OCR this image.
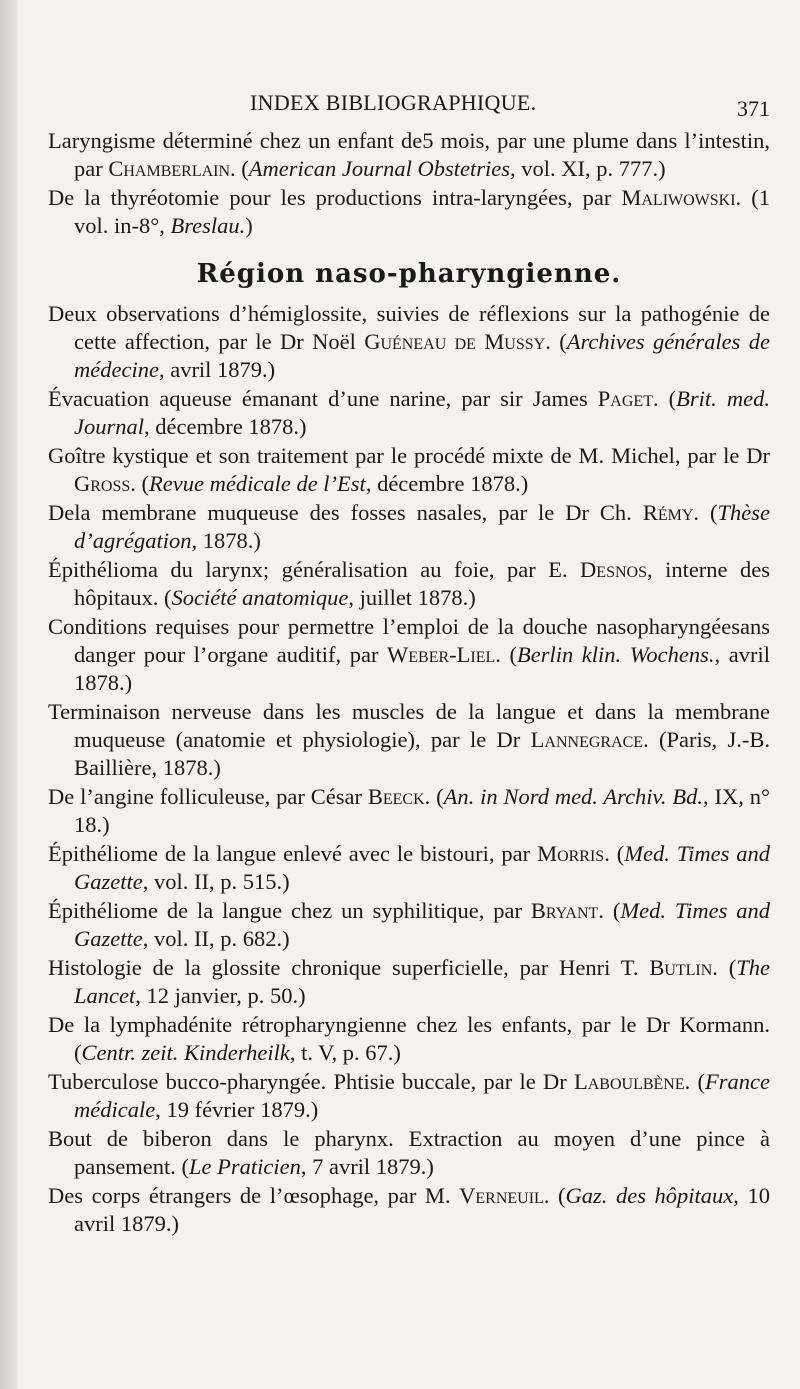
INDEX BIBLIOGRAPHIQUE.	371

Laryngisme déterminé chez un enfant de5 mois, par une plume dans l’intestin, par Chamberlain. (American Journal Obstetries, vol. XI, p. 777.)

De la thyréotomie pour les productions intra-laryngées, par Maliwowski. (1 vol. in-8°, Breslau.)

Région naso-pharyngienne.

Deux observations d’hémiglossite, suivies de réflexions sur la pathogénie de cette affection, par le Dr Noël Guéneau de Mussy. (Archives générales de médecine, avril 1879.)

Évacuation aqueuse émanant d’une narine, par sir James Paget. (Brit. med. Journal, décembre 1878.)

Goître kystique et son traitement par le procédé mixte de M. Michel, par le Dr Gross. (Revue médicale de l’Est, décembre 1878.)

Dela membrane muqueuse des fosses nasales, par le Dr Ch. Rémy. (Thèse d’agrégation, 1878.)

Épithélioma du larynx; généralisation au foie, par E. Desnos, interne des hôpitaux. (Société anatomique, juillet 1878.)

Conditions requises pour permettre l’emploi de la douche nasopharyngéesans danger pour l’organe auditif, par Weber-Liel. (Berlin klin. Wochens., avril 1878.)

Terminaison nerveuse dans les muscles de la langue et dans la membrane muqueuse (anatomie et physiologie), par le Dr Lannegrace. (Paris, J.-B. Baillière, 1878.)

De l’angine folliculeuse, par César Beeck. (An. in Nord med. Archiv. Bd., IX, n° 18.)

Épithéliome de la langue enlevé avec le bistouri, par Morris. (Med. Times and Gazette, vol. II, p. 515.)

Épithéliome de la langue chez un syphilitique, par Bryant. (Med. Times and Gazette, vol. II, p. 682.)

Histologie de la glossite chronique superficielle, par Henri T. Butlin. (The Lancet, 12 janvier, p. 50.)

De la lymphadénite rétropharyngienne chez les enfants, par le Dr Kormann. (Centr. zeit. Kinderheilk, t. V, p. 67.)

Tuberculose bucco-pharyngée. Phtisie buccale, par le Dr Laboulbène. (France médicale, 19 février 1879.)

Bout de biberon dans le pharynx. Extraction au moyen d’une pince à pansement. (Le Praticien, 7 avril 1879.)

Des corps étrangers de l’œsophage, par M. Verneuil. (Gaz. des hôpitaux, 10 avril 1879.)
